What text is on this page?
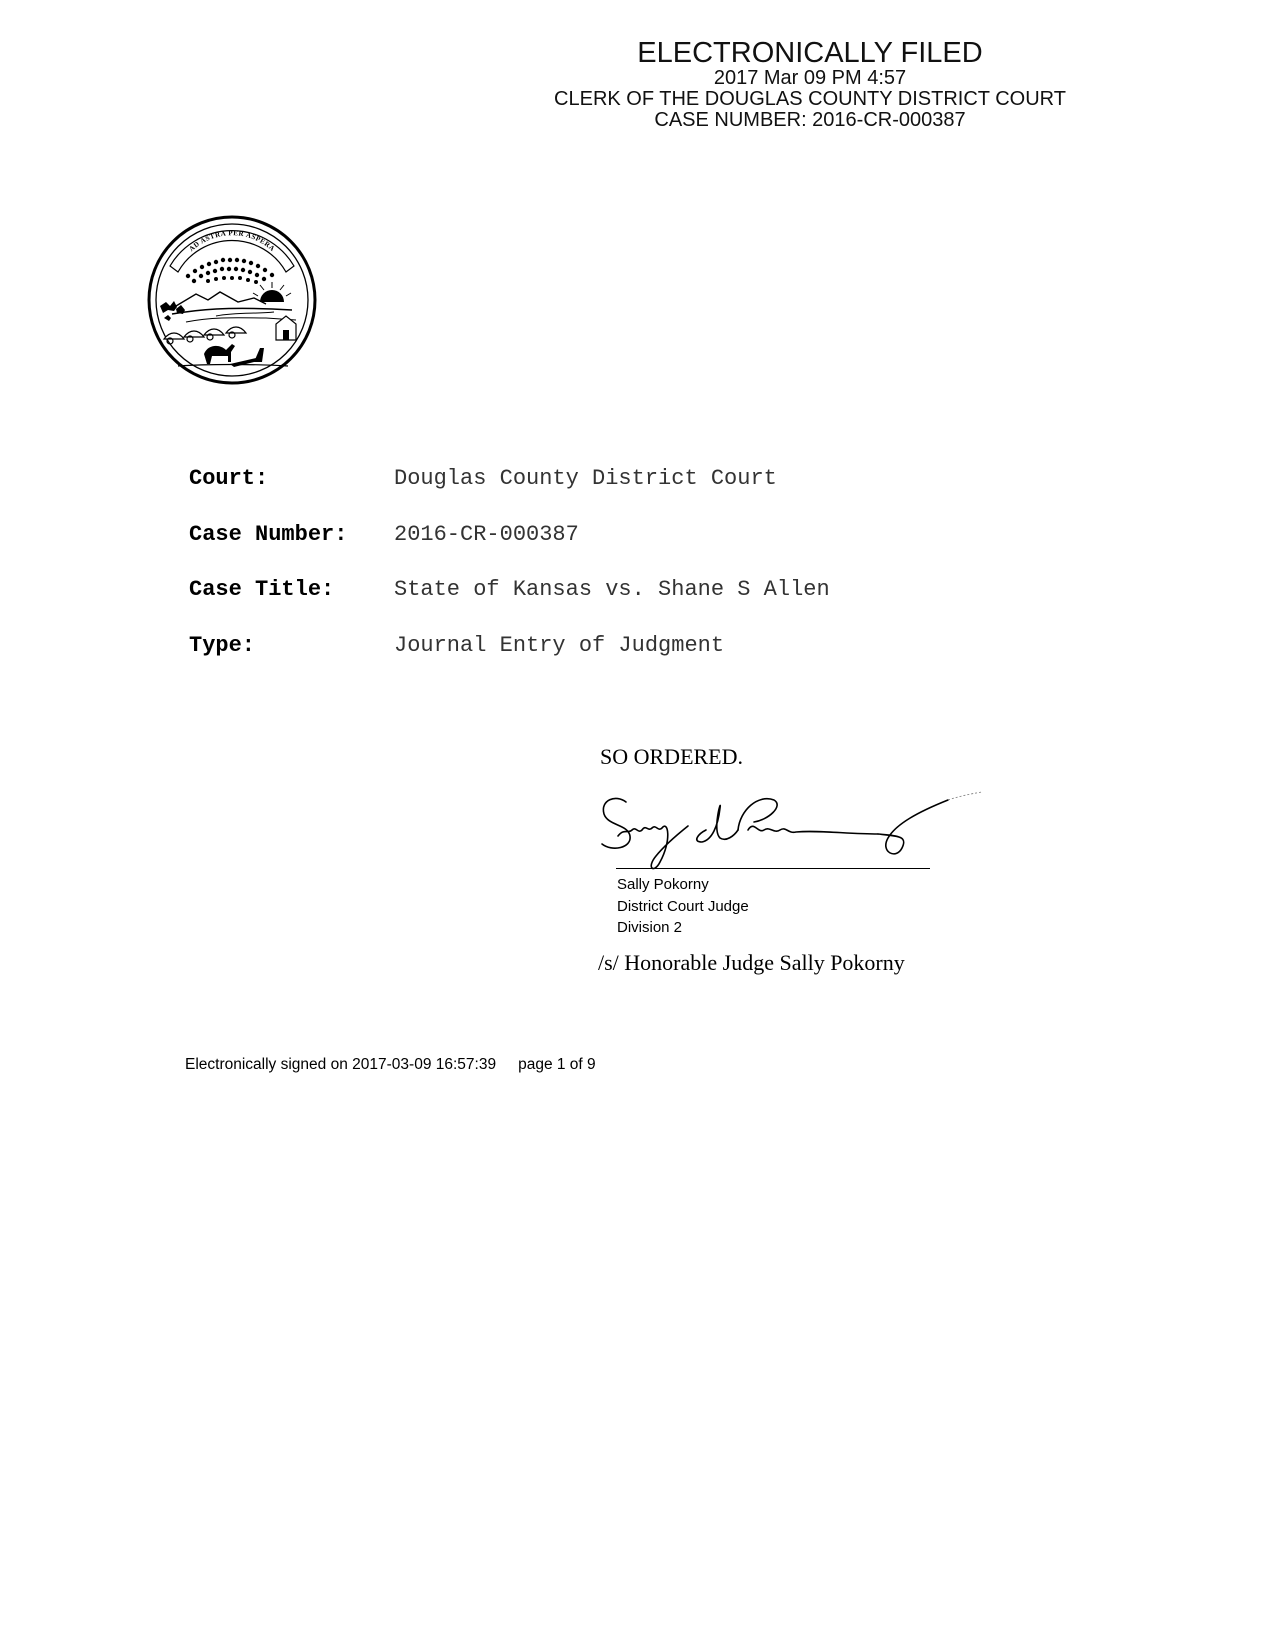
ELECTRONICALLY FILED
2017 Mar 09 PM 4:57
CLERK OF THE DOUGLAS COUNTY DISTRICT COURT
CASE NUMBER: 2016-CR-000387
AD ASTRA PER ASPERA
Court:	Douglas County District Court
Case Number: 2016-CR-000387
Case Title:	State of Kansas vs. Shane S Allen
Type:	Journal Entry of Judgment
SO ORDERED.
Sally Pokorny
District Court Judge
Division 2
/s/ Honorable Judge Sally Pokorny
Electronically signed on 2017-03-09 16:57:39 page 1 of 9
